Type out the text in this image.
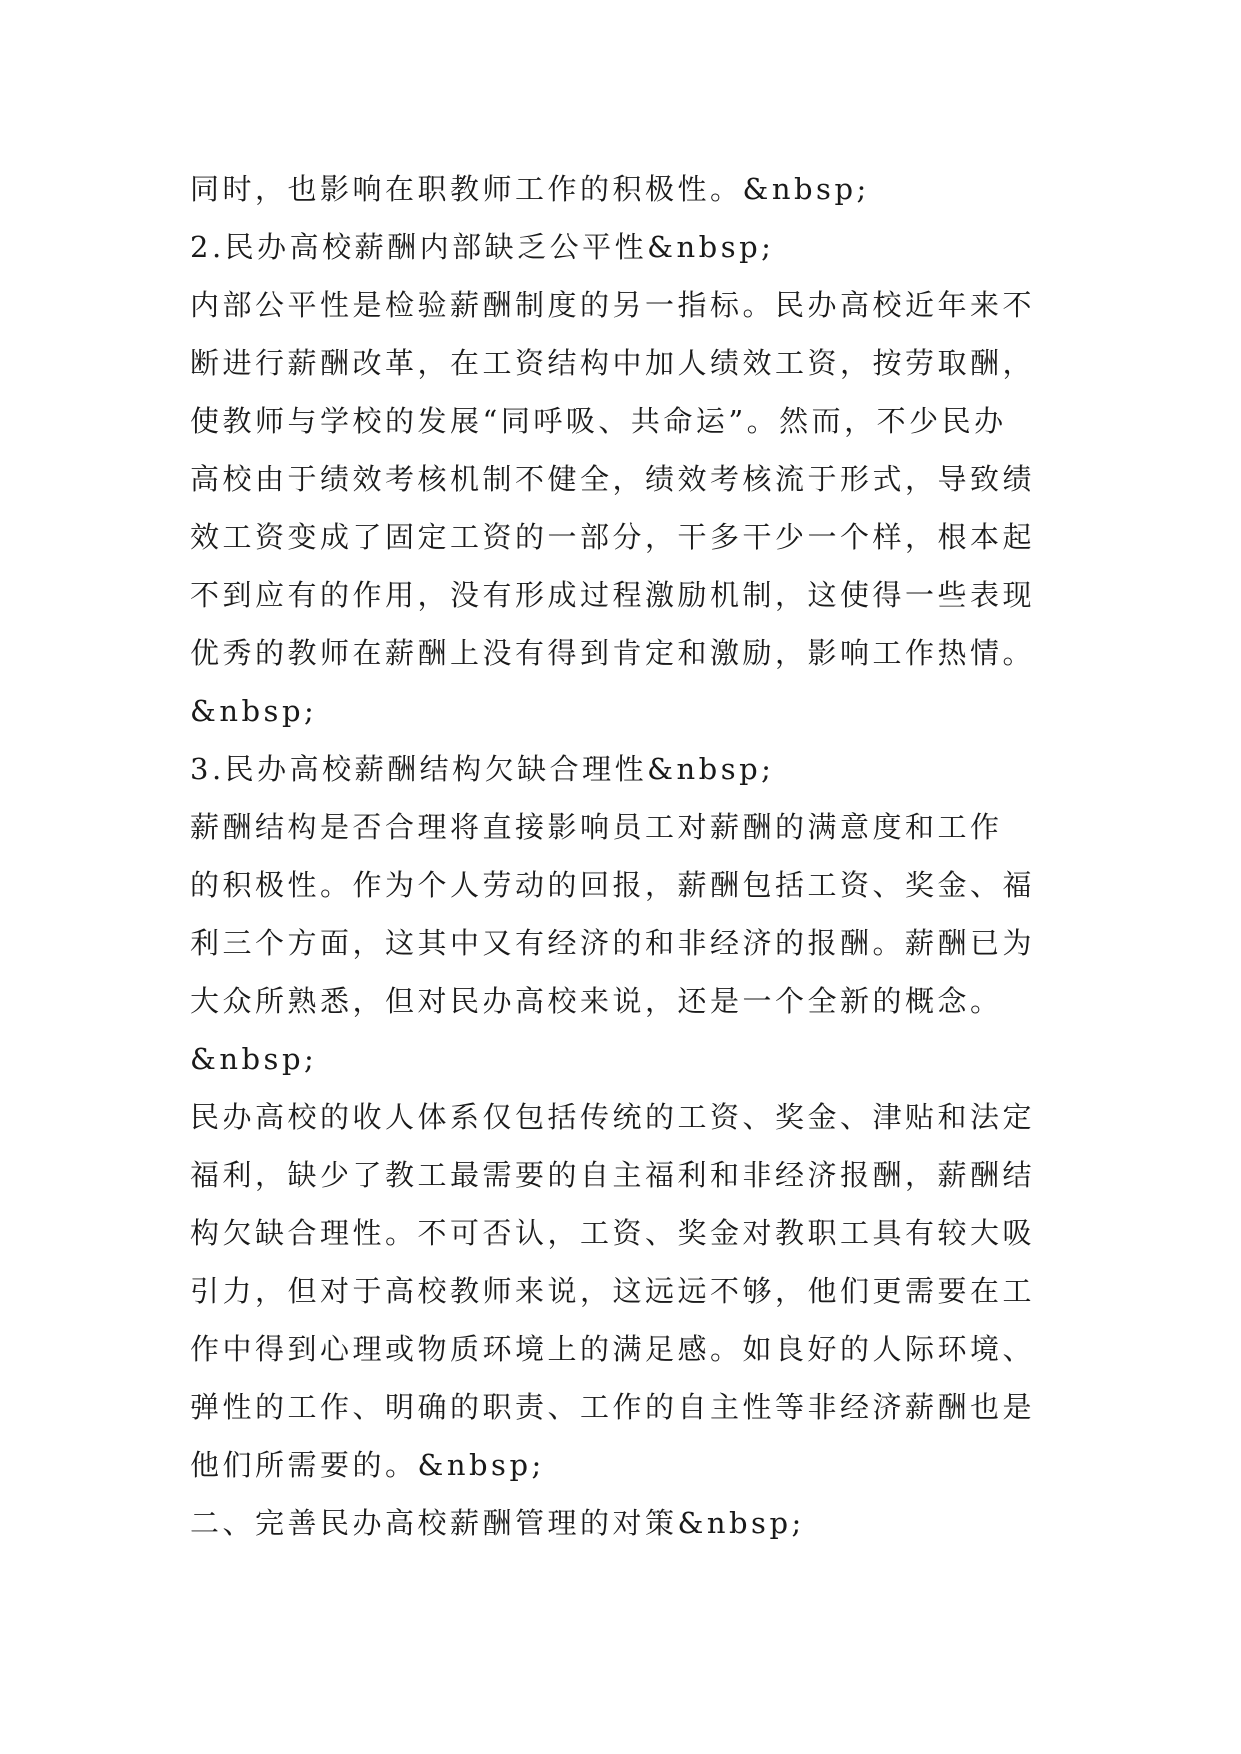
同时，也影响在职教师工作的积极性。&nbsp;
2.民办高校薪酬内部缺乏公平性&nbsp;
内部公平性是检验薪酬制度的另一指标。民办高校近年来不
断进行薪酬改革，在工资结构中加人绩效工资，按劳取酬，
使教师与学校的发展“同呼吸、共命运”。然而，不少民办
高校由于绩效考核机制不健全，绩效考核流于形式，导致绩
效工资变成了固定工资的一部分，干多干少一个样，根本起
不到应有的作用，没有形成过程激励机制，这使得一些表现
优秀的教师在薪酬上没有得到肯定和激励，影响工作热情。
&nbsp;
3.民办高校薪酬结构欠缺合理性&nbsp;
薪酬结构是否合理将直接影响员工对薪酬的满意度和工作
的积极性。作为个人劳动的回报，薪酬包括工资、奖金、福
利三个方面，这其中又有经济的和非经济的报酬。薪酬已为
大众所熟悉，但对民办高校来说，还是一个全新的概念。
&nbsp;
民办高校的收人体系仅包括传统的工资、奖金、津贴和法定
福利，缺少了教工最需要的自主福利和非经济报酬，薪酬结
构欠缺合理性。不可否认，工资、奖金对教职工具有较大吸
引力，但对于高校教师来说，这远远不够，他们更需要在工
作中得到心理或物质环境上的满足感。如良好的人际环境、
弹性的工作、明确的职责、工作的自主性等非经济薪酬也是
他们所需要的。&nbsp;
二、完善民办高校薪酬管理的对策&nbsp;
